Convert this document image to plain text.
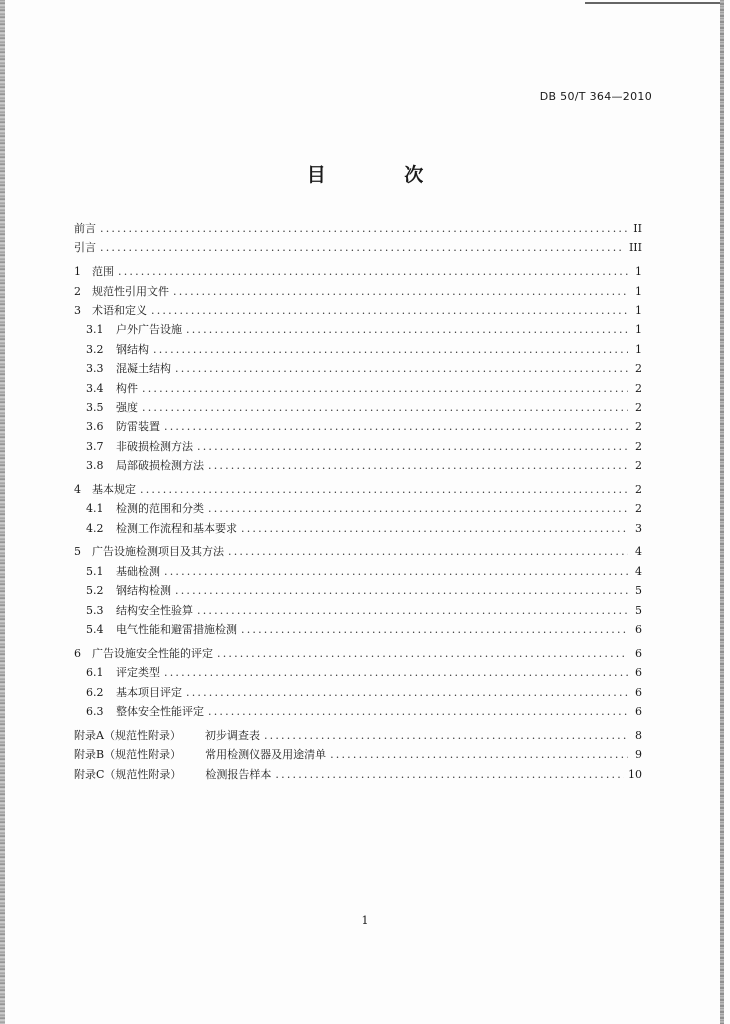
DB 50/T 364—2010
目 次
前言 .....	II
引言 .....	III
1	范围 .....	1
2	规范性引用文件 .....	1
3	术语和定义 .....	1
3.1	户外广告设施 .....	1
3.2	钢结构 .....	1
3.3	混凝土结构 .....	2
3.4	构件 .....	2
3.5	强度 .....	2
3.6	防雷装置 .....	2
3.7	非破损检测方法 .....	2
3.8	局部破损检测方法 .....	2
4	基本规定 .....	2
4.1	检测的范围和分类 .....	2
4.2	检测工作流程和基本要求 .....	3
5	广告设施检测项目及其方法 .....	4
5.1	基础检测 .....	4
5.2	钢结构检测 .....	5
5.3	结构安全性验算 .....	5
5.4	电气性能和避雷措施检测 .....	6
6	广告设施安全性能的评定 .....	6
6.1	评定类型 .....	6
6.2	基本项目评定 .....	6
6.3	整体安全性能评定 .....	6
附录A（规范性附录） 初步调查表 .....	8
附录B（规范性附录） 常用检测仪器及用途清单 .....	9
附录C（规范性附录） 检测报告样本 .....	10
1
